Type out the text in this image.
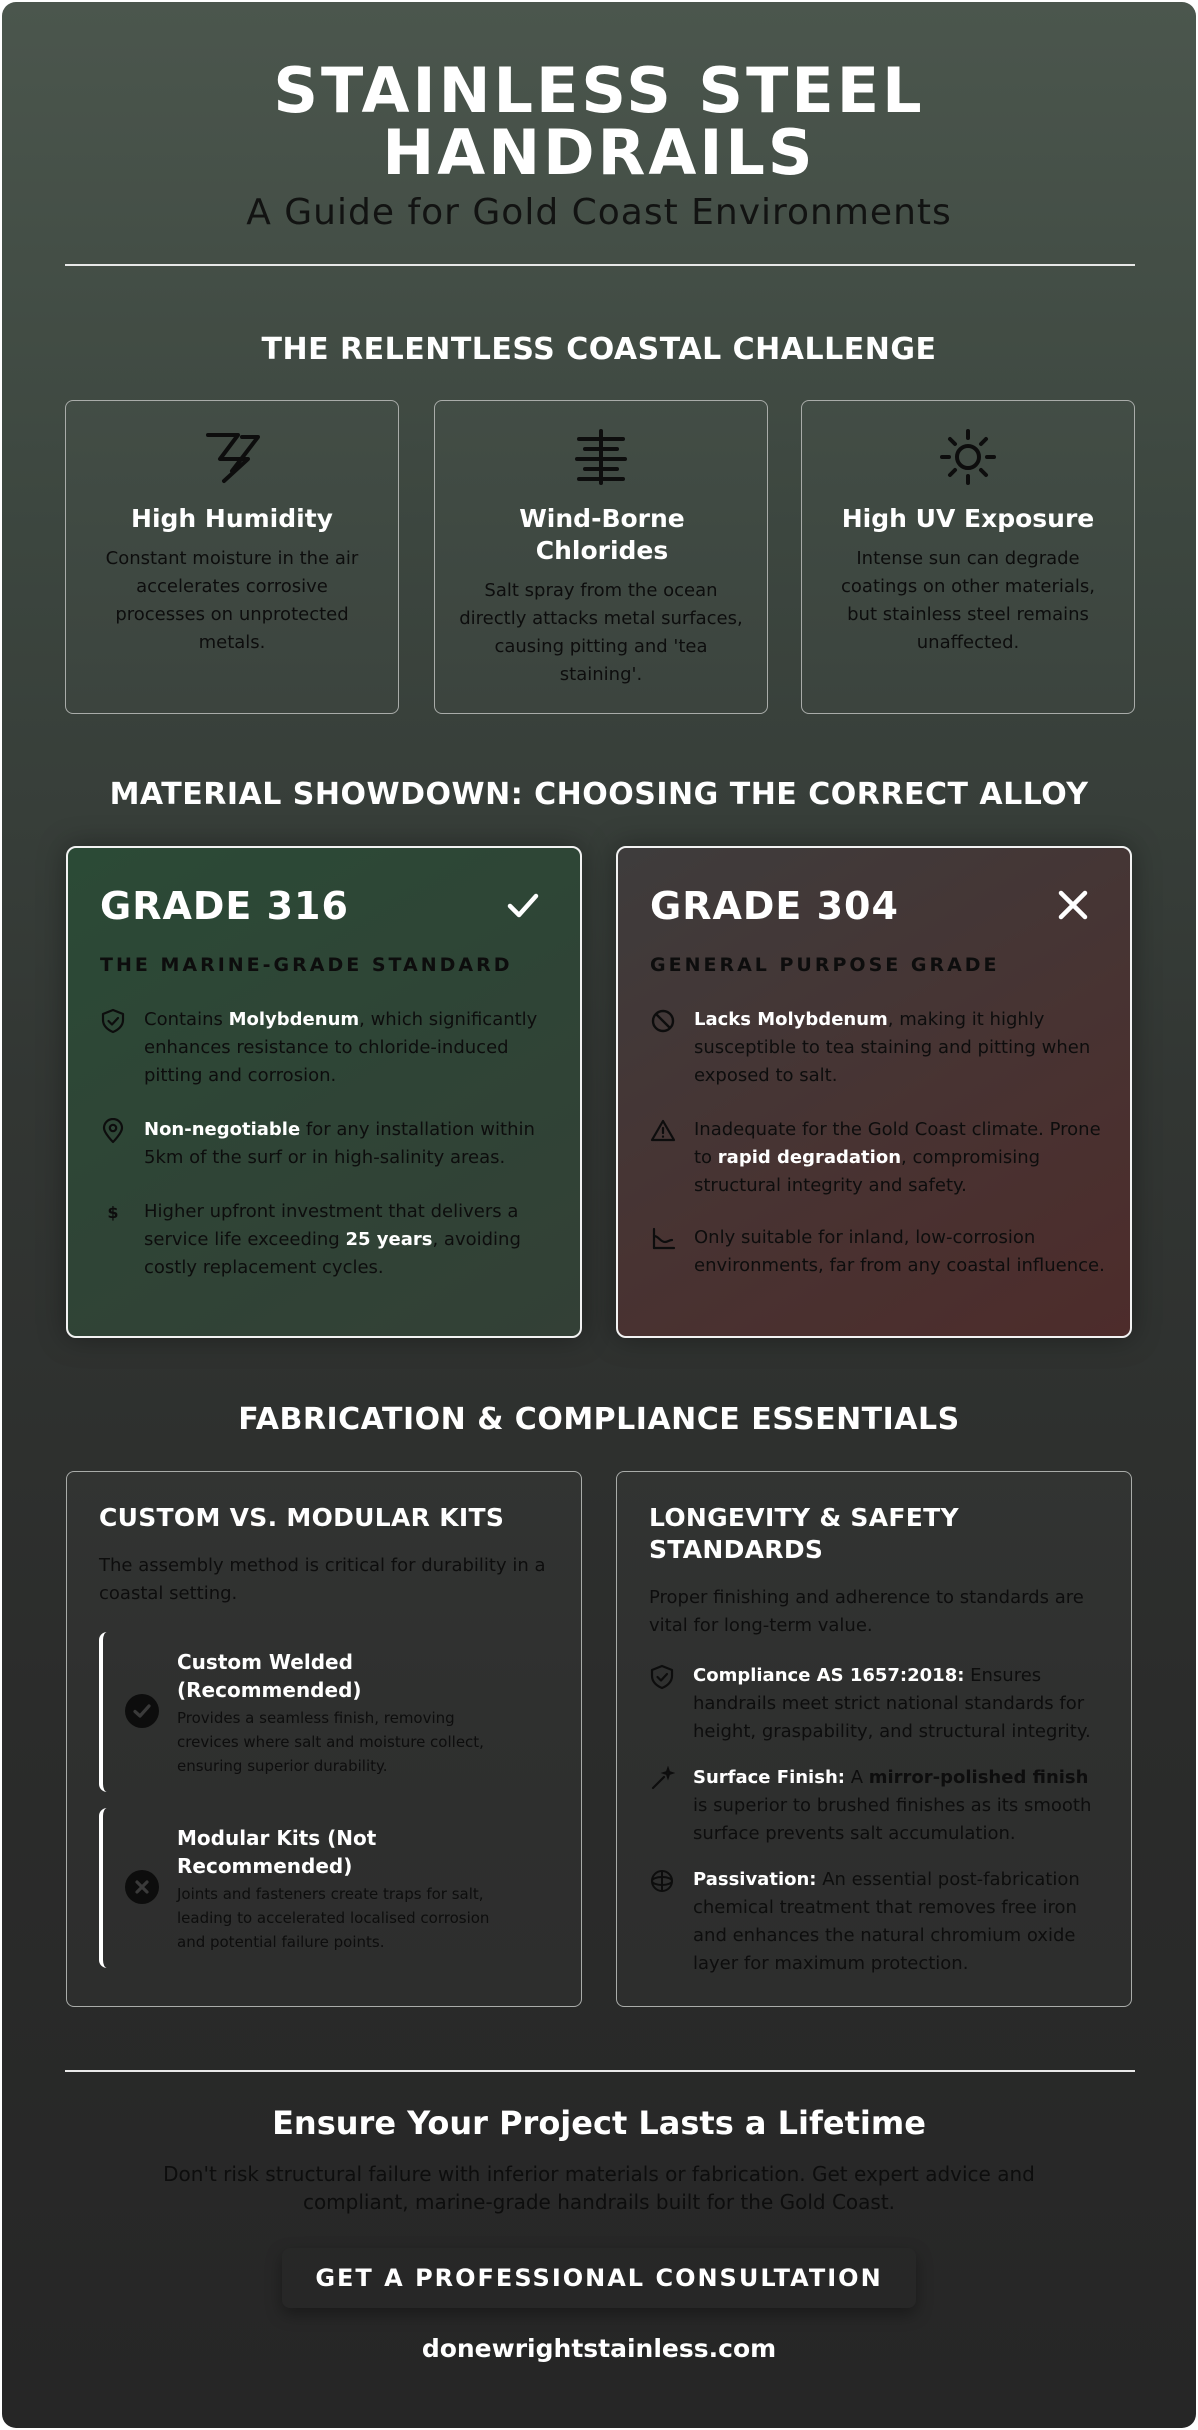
STAINLESS STEEL HANDRAILS
A Guide for Gold Coast Environments
THE RELENTLESS COASTAL CHALLENGE
High Humidity
Constant moisture in the air accelerates corrosive processes on unprotected metals.
Wind-Borne Chlorides
Salt spray from the ocean directly attacks metal surfaces, causing pitting and 'tea staining'.
High UV Exposure
Intense sun can degrade coatings on other materials, but stainless steel remains unaffected.
MATERIAL SHOWDOWN: CHOOSING THE CORRECT ALLOY
GRADE 316
THE MARINE-GRADE STANDARD
Contains Molybdenum, which significantly enhances resistance to chloride-induced pitting and corrosion.
Non-negotiable for any installation within 5km of the surf or in high-salinity areas.
$	Higher upfront investment that delivers a service life exceeding 25 years, avoiding costly replacement cycles.
GRADE 304
GENERAL PURPOSE GRADE
Lacks Molybdenum, making it highly susceptible to tea staining and pitting when exposed to salt.
Inadequate for the Gold Coast climate. Prone to rapid degradation, compromising structural integrity and safety.
Only suitable for inland, low-corrosion environments, far from any coastal influence.
FABRICATION & COMPLIANCE ESSENTIALS
CUSTOM VS. MODULAR KITS
The assembly method is critical for durability in a coastal setting.
Custom Welded (Recommended)
Provides a seamless finish, removing crevices where salt and moisture collect, ensuring superior durability.
Modular Kits (Not Recommended)
Joints and fasteners create traps for salt, leading to accelerated localised corrosion and potential failure points.
LONGEVITY & SAFETY STANDARDS
Proper finishing and adherence to standards are vital for long-term value.
Compliance AS 1657:2018: Ensures handrails meet strict national standards for height, graspability, and structural integrity.
Surface Finish: A mirror-polished finish is superior to brushed finishes as its smooth surface prevents salt accumulation.
Passivation: An essential post-fabrication chemical treatment that removes free iron and enhances the natural chromium oxide layer for maximum protection.
Ensure Your Project Lasts a Lifetime
Don't risk structural failure with inferior materials or fabrication. Get expert advice and compliant, marine-grade handrails built for the Gold Coast.
GET A PROFESSIONAL CONSULTATION
donewrightstainless.com
